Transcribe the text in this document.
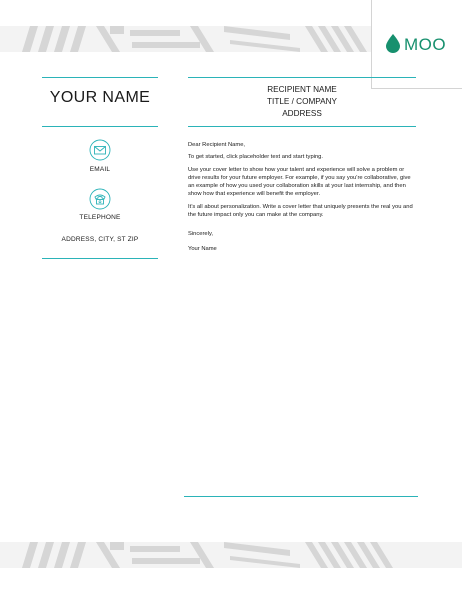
MOO
YOUR NAME
EMAIL
TELEPHONE
ADDRESS, CITY, ST ZIP
RECIPIENT NAME
TITLE / COMPANY
ADDRESS

Dear Recipient Name,

To get started, click placeholder text and start typing.

Use your cover letter to show how your talent and experience will solve a problem or drive results for your future employer. For example, if you say you’re collaborative, give an example of how you used your collaboration skills at your last internship, and then show how that experience will benefit the employer.

It’s all about personalization. Write a cover letter that uniquely presents the real you and the future impact only you can make at the company.

Sincerely,

Your Name
